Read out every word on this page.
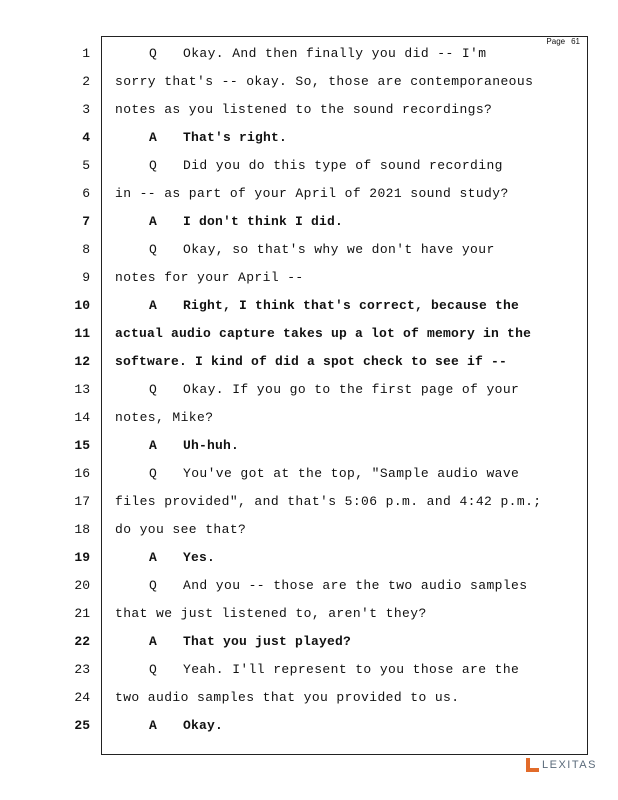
Page 61
1	Q Okay. And then finally you did -- I'm
2 sorry that's -- okay. So, those are contemporaneous
3 notes as you listened to the sound recordings?
4	A That's right.
5	Q Did you do this type of sound recording
6 in -- as part of your April of 2021 sound study?
7	A I don't think I did.
8	Q Okay, so that's why we don't have your
9 notes for your April --
10	A Right, I think that's correct, because the
11 actual audio capture takes up a lot of memory in the
12 software. I kind of did a spot check to see if --
13	Q Okay. If you go to the first page of your
14 notes, Mike?
15	A Uh-huh.
16	Q You've got at the top, "Sample audio wave
17 files provided", and that's 5:06 p.m. and 4:42 p.m.;
18 do you see that?
19	A Yes.
20	Q And you -- those are the two audio samples
21 that we just listened to, aren't they?
22	A That you just played?
23	Q Yeah. I'll represent to you those are the
24 two audio samples that you provided to us.
25	A Okay.
LEXITAS
